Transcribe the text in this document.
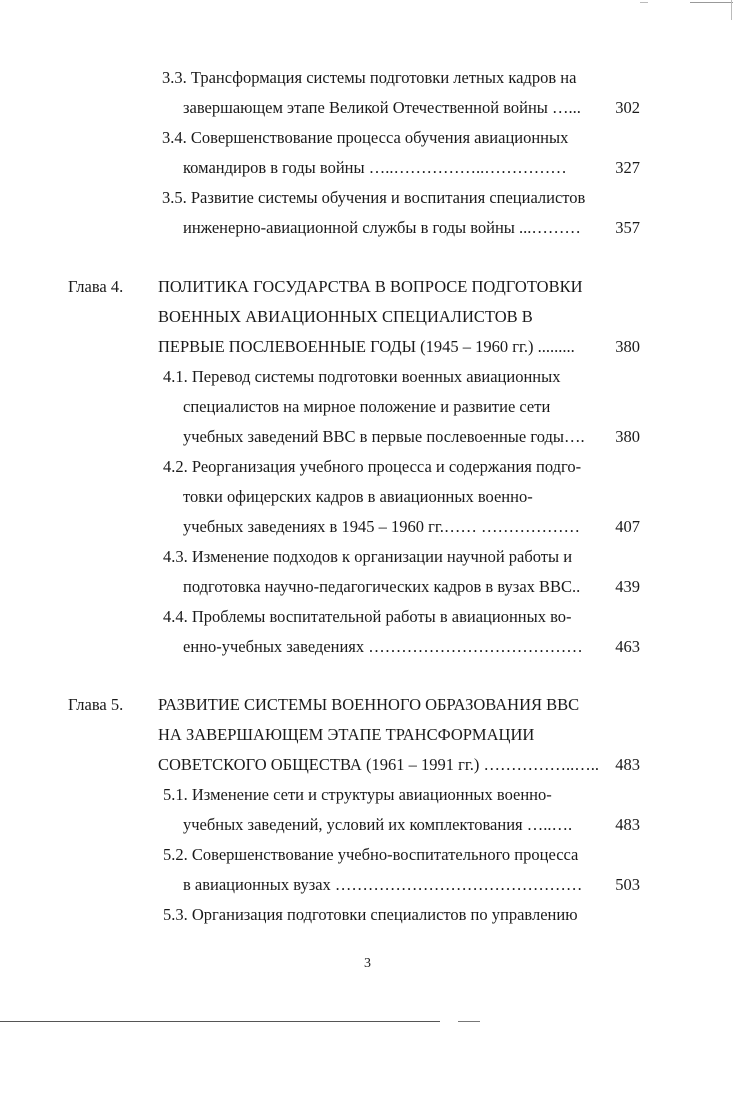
3.3. Трансформация системы подготовки летных кадров на
завершающем этапе Великой Отечественной войны …... 302
3.4. Совершенствование процесса обучения авиационных
командиров в годы войны …..……………..……………	327
3.5. Развитие системы обучения и воспитания специалистов
инженерно-авиационной службы в годы войны ...……… 357
Глава 4. ПОЛИТИКА ГОСУДАРСТВА В ВОПРОСЕ ПОДГОТОВКИ
ВОЕННЫХ АВИАЦИОННЫХ СПЕЦИАЛИСТОВ В
ПЕРВЫЕ ПОСЛЕВОЕННЫЕ ГОДЫ (1945 – 1960 гг.) ......... 380
4.1. Перевод системы подготовки военных авиационных
специалистов на мирное положение и развитие сети
учебных заведений ВВС в первые послевоенные годы…. 380
4.2. Реорганизация учебного процесса и содержания подго-
товки офицерских кадров в авиационных военно-
учебных заведениях в 1945 – 1960 гг.…… ……………… 407
4.3. Изменение подходов к организации научной работы и
подготовка научно-педагогических кадров в вузах ВВС.. 439
4.4. Проблемы воспитательной работы в авиационных во-
енно-учебных заведениях ………………………………… 463
Глава 5. РАЗВИТИЕ СИСТЕМЫ ВОЕННОГО ОБРАЗОВАНИЯ ВВС
НА ЗАВЕРШАЮЩЕМ ЭТАПЕ ТРАНСФОРМАЦИИ
СОВЕТСКОГО ОБЩЕСТВА (1961 – 1991 гг.) ……………..….. 483
5.1. Изменение сети и структуры авиационных военно-
учебных заведений, условий их комплектования …..….	483
5.2. Совершенствование учебно-воспитательного процесса
в авиационных вузах ……………………………………… 503
5.3. Организация подготовки специалистов по управлению
3
